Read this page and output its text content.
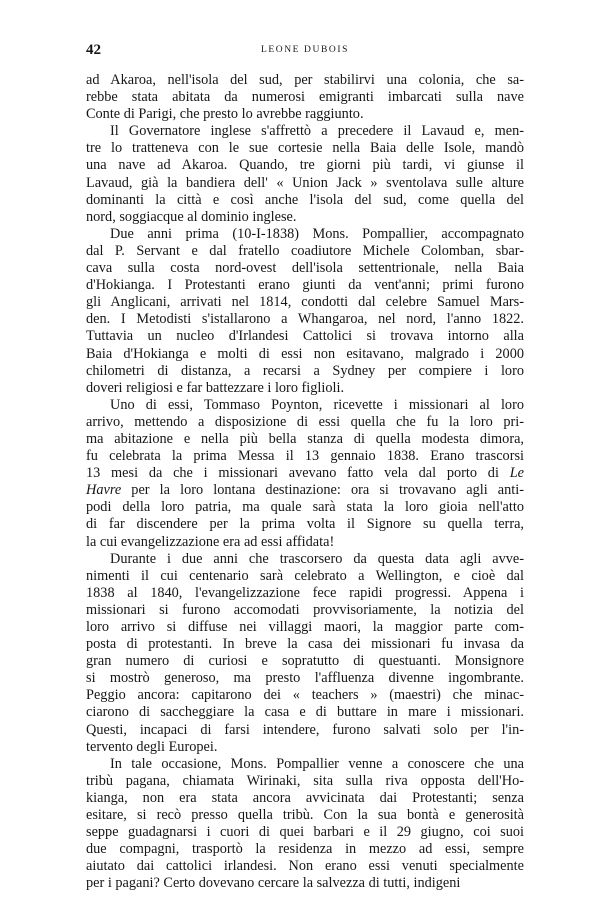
42	LEONE DUBOIS
ad Akaroa, nell'isola del sud, per stabilirvi una colonia, che sa-
rebbe stata abitata da numerosi emigranti imbarcati sulla nave
Conte di Parigi, che presto lo avrebbe raggiunto.
Il Governatore inglese s'affrettò a precedere il Lavaud e, men-
tre lo tratteneva con le sue cortesie nella Baia delle Isole, mandò
una nave ad Akaroa. Quando, tre giorni più tardi, vi giunse il
Lavaud, già la bandiera dell' « Union Jack » sventolava sulle alture
dominanti la città e così anche l'isola del sud, come quella del
nord, soggiacque al dominio inglese.
Due anni prima (10-I-1838) Mons. Pompallier, accompagnato
dal P. Servant e dal fratello coadiutore Michele Colomban, sbar-
cava sulla costa nord-ovest dell'isola settentrionale, nella Baia
d'Hokianga. I Protestanti erano giunti da vent'anni; primi furono
gli Anglicani, arrivati nel 1814, condotti dal celebre Samuel Mars-
den. I Metodisti s'istallarono a Whangaroa, nel nord, l'anno 1822.
Tuttavia un nucleo d'Irlandesi Cattolici si trovava intorno alla
Baia d'Hokianga e molti di essi non esitavano, malgrado i 2000
chilometri di distanza, a recarsi a Sydney per compiere i loro
doveri religiosi e far battezzare i loro figlioli.
Uno di essi, Tommaso Poynton, ricevette i missionari al loro
arrivo, mettendo a disposizione di essi quella che fu la loro pri-
ma abitazione e nella più bella stanza di quella modesta dimora,
fu celebrata la prima Messa il 13 gennaio 1838. Erano trascorsi
13 mesi da che i missionari avevano fatto vela dal porto di Le
Havre per la loro lontana destinazione: ora si trovavano agli anti-
podi della loro patria, ma quale sarà stata la loro gioia nell'atto
di far discendere per la prima volta il Signore su quella terra,
la cui evangelizzazione era ad essi affidata!
Durante i due anni che trascorsero da questa data agli avve-
nimenti il cui centenario sarà celebrato a Wellington, e cioè dal
1838 al 1840, l'evangelizzazione fece rapidi progressi. Appena i
missionari si furono accomodati provvisoriamente, la notizia del
loro arrivo si diffuse nei villaggi maori, la maggior parte com-
posta di protestanti. In breve la casa dei missionari fu invasa da
gran numero di curiosi e sopratutto di questuanti. Monsignore
si mostrò generoso, ma presto l'affluenza divenne ingombrante.
Peggio ancora: capitarono dei « teachers » (maestri) che minac-
ciarono di saccheggiare la casa e di buttare in mare i missionari.
Questi, incapaci di farsi intendere, furono salvati solo per l'in-
tervento degli Europei.
In tale occasione, Mons. Pompallier venne a conoscere che una
tribù pagana, chiamata Wirinaki, sita sulla riva opposta dell'Ho-
kianga, non era stata ancora avvicinata dai Protestanti; senza
esitare, si recò presso quella tribù. Con la sua bontà e generosità
seppe guadagnarsi i cuori di quei barbari e il 29 giugno, coi suoi
due compagni, trasportò la residenza in mezzo ad essi, sempre
aiutato dai cattolici irlandesi. Non erano essi venuti specialmente
per i pagani? Certo dovevano cercare la salvezza di tutti, indigeni
